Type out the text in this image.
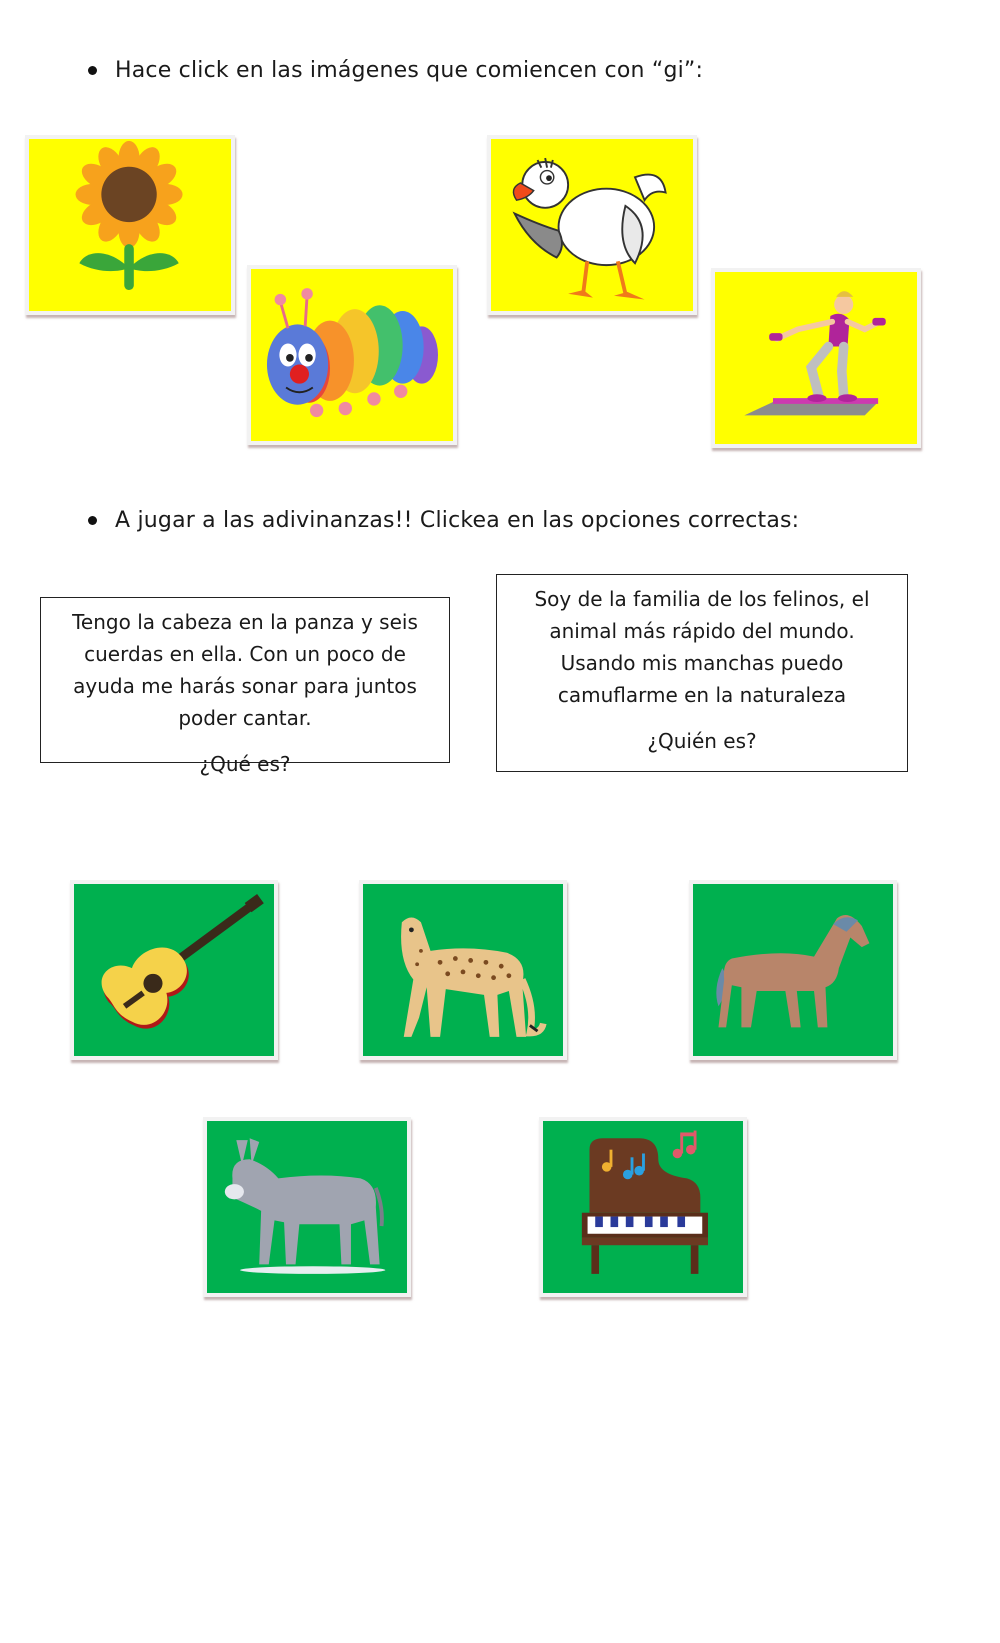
Hace click en las imágenes que comiencen con “gi”:
A jugar a las adivinanzas!! Clickea en las opciones correctas:
Tengo la cabeza en la panza y seis cuerdas en ella. Con un poco de ayuda me harás sonar para juntos poder cantar.
¿Qué es?
Soy de la familia de los felinos, el animal más rápido del mundo. Usando mis manchas puedo camuflarme en la naturaleza
¿Quién es?
